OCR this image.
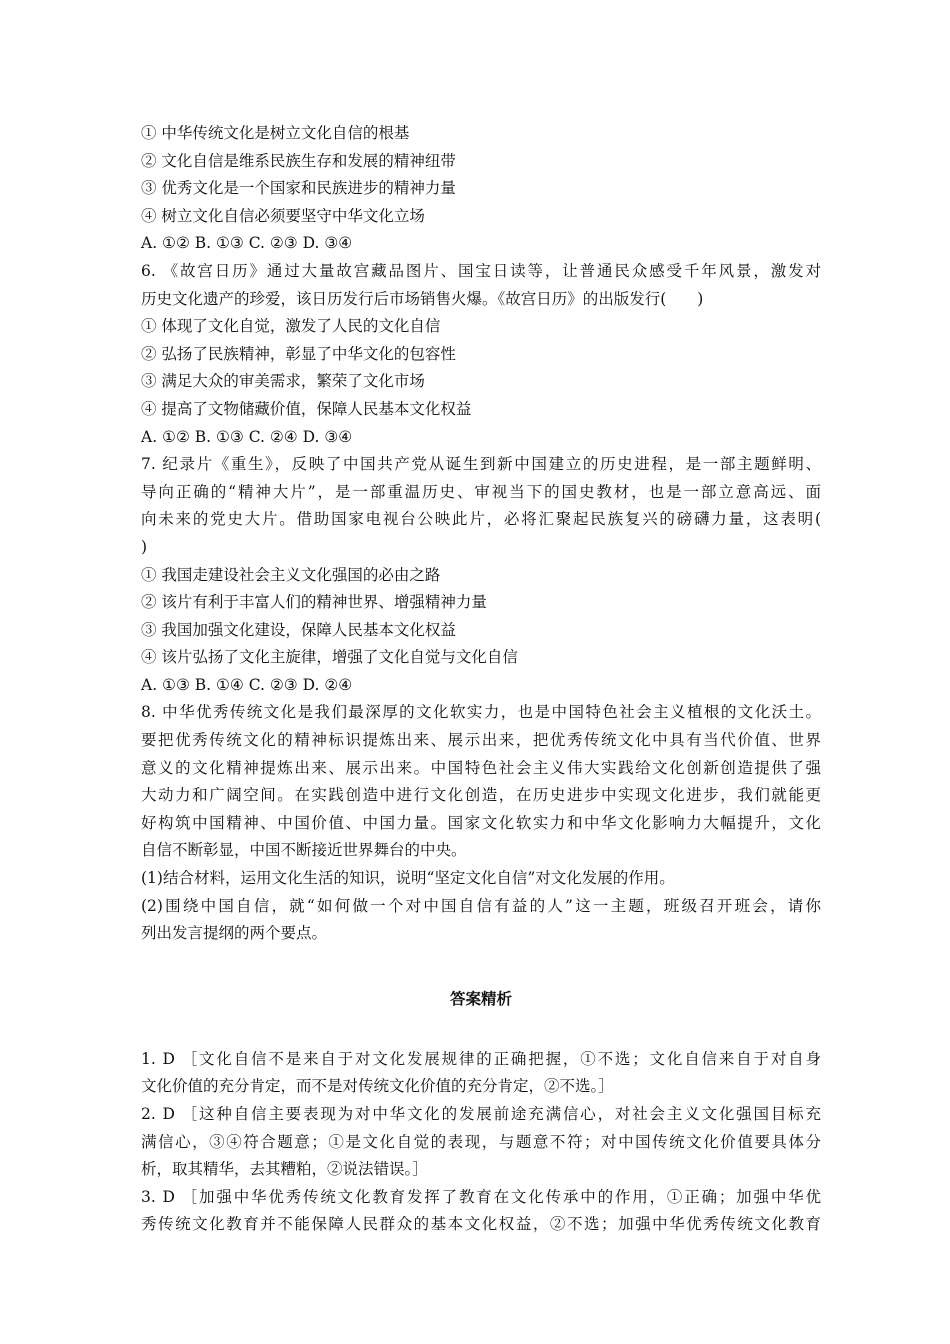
① 中华传统文化是树立文化自信的根基
② 文化自信是维系民族生存和发展的精神纽带
③ 优秀文化是一个国家和民族进步的精神力量
④ 树立文化自信必须要坚守中华文化立场
A. ①② B. ①③ C. ②③ D. ③④
6. 《故宫日历》通过大量故宫藏品图片、国宝日读等，让普通民众感受千年风景，激发对
历史文化遗产的珍爱，该日历发行后市场销售火爆。《故宫日历》的出版发行(　　)
① 体现了文化自觉，激发了人民的文化自信
② 弘扬了民族精神，彰显了中华文化的包容性
③ 满足大众的审美需求，繁荣了文化市场
④ 提高了文物储藏价值，保障人民基本文化权益
A. ①② B. ①③ C. ②④ D. ③④
7. 纪录片《重生》，反映了中国共产党从诞生到新中国建立的历史进程，是一部主题鲜明、
导向正确的“精神大片”，是一部重温历史、审视当下的国史教材，也是一部立意高远、面
向未来的党史大片。借助国家电视台公映此片，必将汇聚起民族复兴的磅礴力量，这表明(
)
① 我国走建设社会主义文化强国的必由之路
② 该片有利于丰富人们的精神世界、增强精神力量
③ 我国加强文化建设，保障人民基本文化权益
④ 该片弘扬了文化主旋律，增强了文化自觉与文化自信
A. ①③ B. ①④ C. ②③ D. ②④
8. 中华优秀传统文化是我们最深厚的文化软实力，也是中国特色社会主义植根的文化沃土。
要把优秀传统文化的精神标识提炼出来、展示出来，把优秀传统文化中具有当代价值、世界
意义的文化精神提炼出来、展示出来。中国特色社会主义伟大实践给文化创新创造提供了强
大动力和广阔空间。在实践创造中进行文化创造，在历史进步中实现文化进步，我们就能更
好构筑中国精神、中国价值、中国力量。国家文化软实力和中华文化影响力大幅提升，文化
自信不断彰显，中国不断接近世界舞台的中央。
(1)结合材料，运用文化生活的知识，说明“坚定文化自信”对文化发展的作用。
(2)围绕中国自信，就“如何做一个对中国自信有益的人”这一主题，班级召开班会，请你
列出发言提纲的两个要点。
答案精析
1. D ［文化自信不是来自于对文化发展规律的正确把握，①不选；文化自信来自于对自身
文化价值的充分肯定，而不是对传统文化价值的充分肯定，②不选。］
2. D ［这种自信主要表现为对中华文化的发展前途充满信心，对社会主义文化强国目标充
满信心，③④符合题意；①是文化自觉的表现，与题意不符；对中国传统文化价值要具体分
析，取其精华，去其糟粕，②说法错误。］
3. D ［加强中华优秀传统文化教育发挥了教育在文化传承中的作用，①正确；加强中华优
秀传统文化教育并不能保障人民群众的基本文化权益，②不选；加强中华优秀传统文化教育
